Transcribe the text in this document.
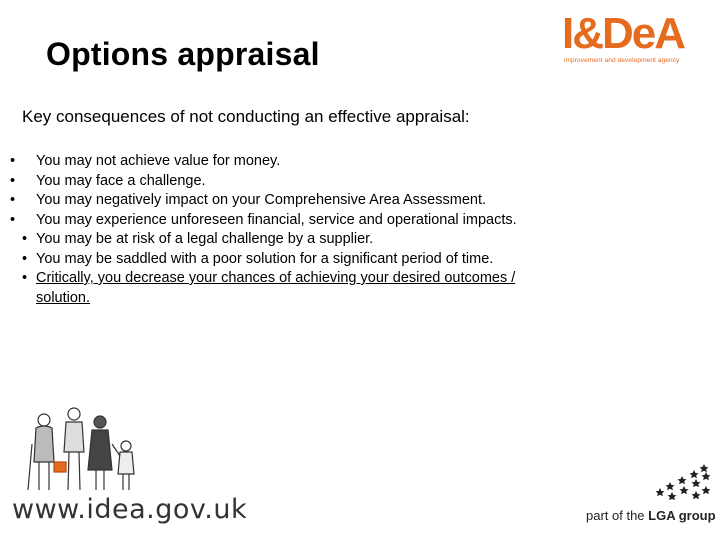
Options appraisal	I&DeA
improvement and development agency
Key consequences of not conducting an effective appraisal:
• You may not achieve value for money.
• You may face a challenge.
• You may negatively impact on your Comprehensive Area Assessment.
• You may experience unforeseen financial, service and operational impacts.
• You may be at risk of a legal challenge by a supplier.
• You may be saddled with a poor solution for a significant period of time.
• Critically, you decrease your chances of achieving your desired outcomes / solution.
www.idea.gov.uk	part of the LGA group
